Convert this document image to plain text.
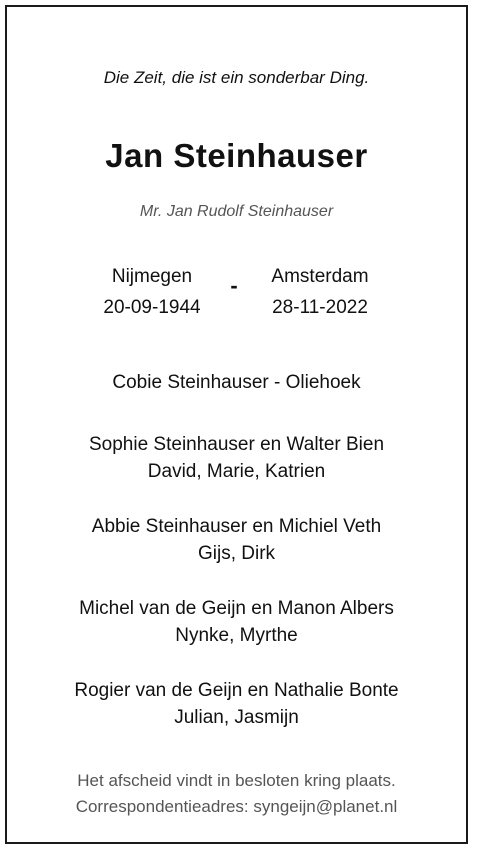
Die Zeit, die ist ein sonderbar Ding.
Jan Steinhauser
Mr. Jan Rudolf Steinhauser
Nijmegen
20-09-1944
-	Amsterdam
28-11-2022
Cobie Steinhauser - Oliehoek
Sophie Steinhauser en Walter Bien
David, Marie, Katrien
Abbie Steinhauser en Michiel Veth
Gijs, Dirk
Michel van de Geijn en Manon Albers
Nynke, Myrthe
Rogier van de Geijn en Nathalie Bonte
Julian, Jasmijn
Het afscheid vindt in besloten kring plaats.
Correspondentieadres: syngeijn@planet.nl
